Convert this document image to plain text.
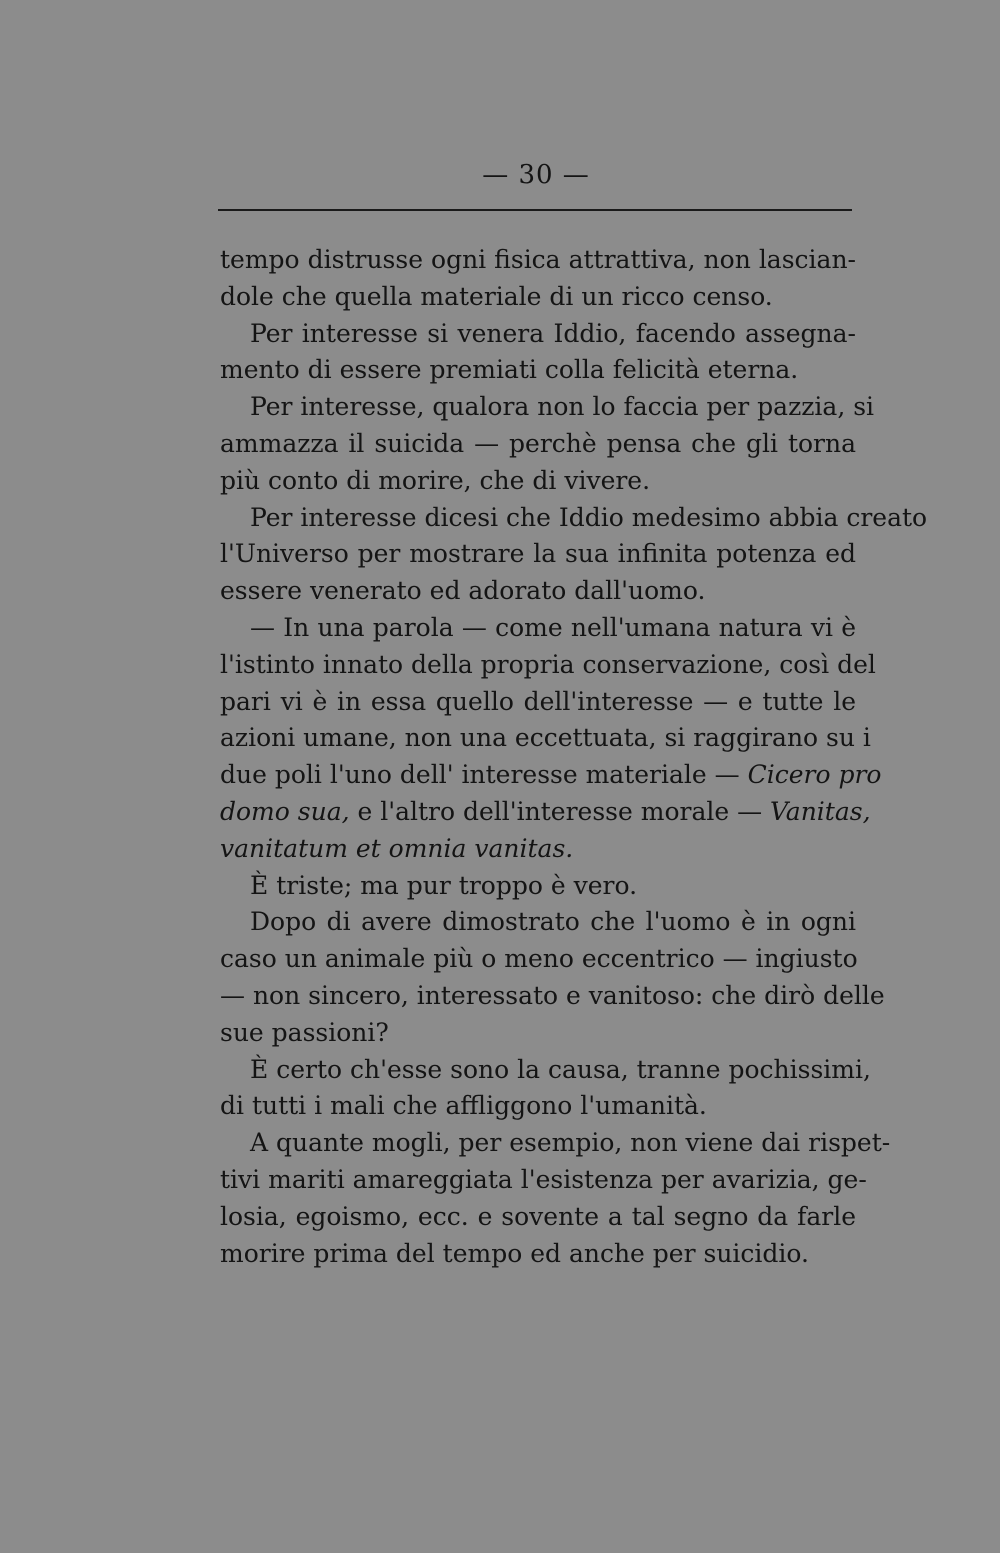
— 30 —
tempo distrusse ogni fisica attrattiva, non lascian-
dole che quella materiale di un ricco censo.
Per interesse si venera Iddio, facendo assegna-
mento di essere premiati colla felicità eterna.
Per interesse, qualora non lo faccia per pazzia, si
ammazza il suicida — perchè pensa che gli torna
più conto di morire, che di vivere.
Per interesse dicesi che Iddio medesimo abbia creato
l'Universo per mostrare la sua infinita potenza ed
essere venerato ed adorato dall'uomo.
— In una parola — come nell'umana natura vi è
l'istinto innato della propria conservazione, così del
pari vi è in essa quello dell'interesse — e tutte le
azioni umane, non una eccettuata, si raggirano su i
due poli l'uno dell' interesse materiale — Cicero pro
domo sua, e l'altro dell'interesse morale — Vanitas,
vanitatum et omnia vanitas.
È triste; ma pur troppo è vero.
Dopo di avere dimostrato che l'uomo è in ogni
caso un animale più o meno eccentrico — ingiusto
— non sincero, interessato e vanitoso: che dirò delle
sue passioni?
È certo ch'esse sono la causa, tranne pochissimi,
di tutti i mali che affliggono l'umanità.
A quante mogli, per esempio, non viene dai rispet-
tivi mariti amareggiata l'esistenza per avarizia, ge-
losia, egoismo, ecc. e sovente a tal segno da farle
morire prima del tempo ed anche per suicidio.
